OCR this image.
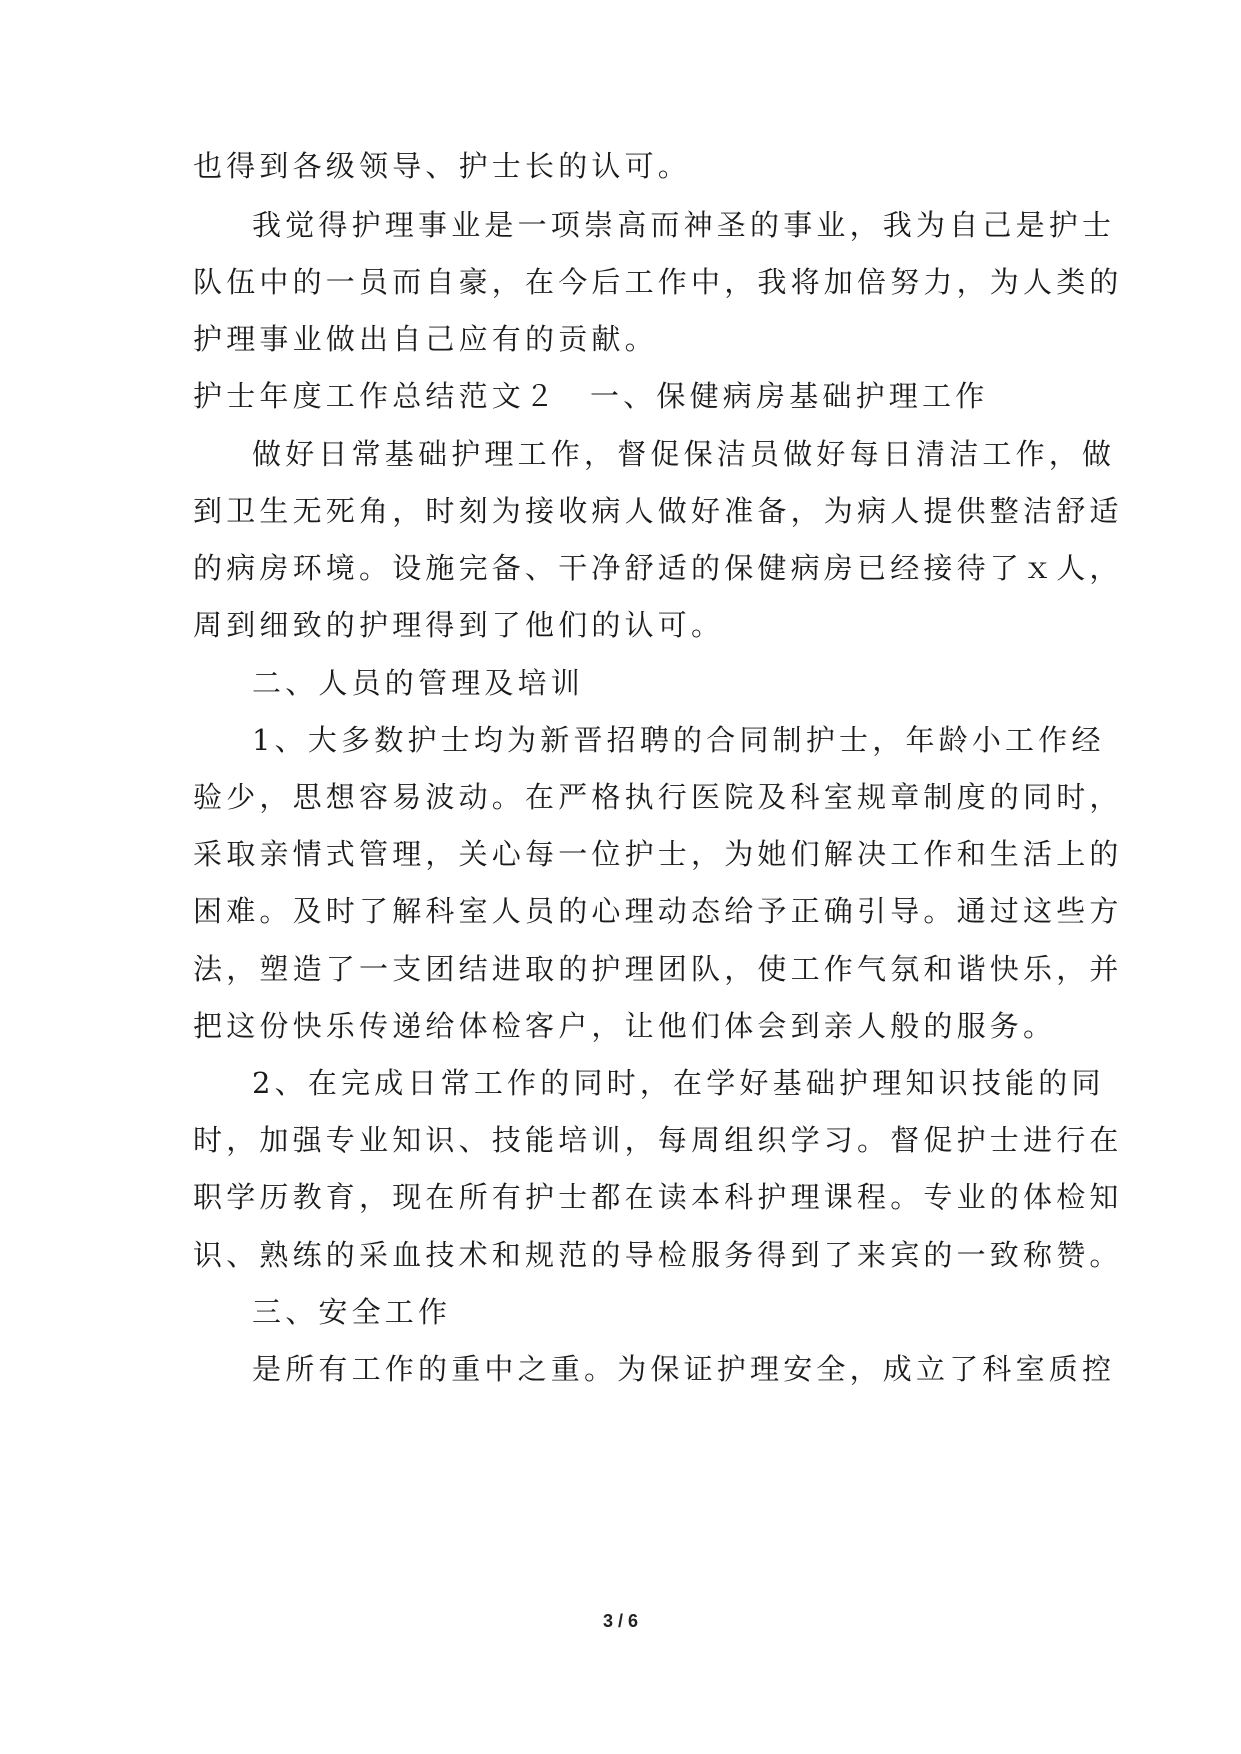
也得到各级领导、护士长的认可。
我觉得护理事业是一项崇高而神圣的事业，我为自己是护士
队伍中的一员而自豪，在今后工作中，我将加倍努力，为人类的
护理事业做出自己应有的贡献。
护士年度工作总结范文２ 一、保健病房基础护理工作
做好日常基础护理工作，督促保洁员做好每日清洁工作，做
到卫生无死角，时刻为接收病人做好准备，为病人提供整洁舒适
的病房环境。设施完备、干净舒适的保健病房已经接待了ｘ人，
周到细致的护理得到了他们的认可。
二、人员的管理及培训
1、大多数护士均为新晋招聘的合同制护士，年龄小工作经
验少，思想容易波动。在严格执行医院及科室规章制度的同时，
采取亲情式管理，关心每一位护士，为她们解决工作和生活上的
困难。及时了解科室人员的心理动态给予正确引导。通过这些方
法，塑造了一支团结进取的护理团队，使工作气氛和谐快乐，并
把这份快乐传递给体检客户，让他们体会到亲人般的服务。
2、在完成日常工作的同时，在学好基础护理知识技能的同
时，加强专业知识、技能培训，每周组织学习。督促护士进行在
职学历教育，现在所有护士都在读本科护理课程。专业的体检知
识、熟练的采血技术和规范的导检服务得到了来宾的一致称赞。
三、安全工作
是所有工作的重中之重。为保证护理安全，成立了科室质控
3 / 6
